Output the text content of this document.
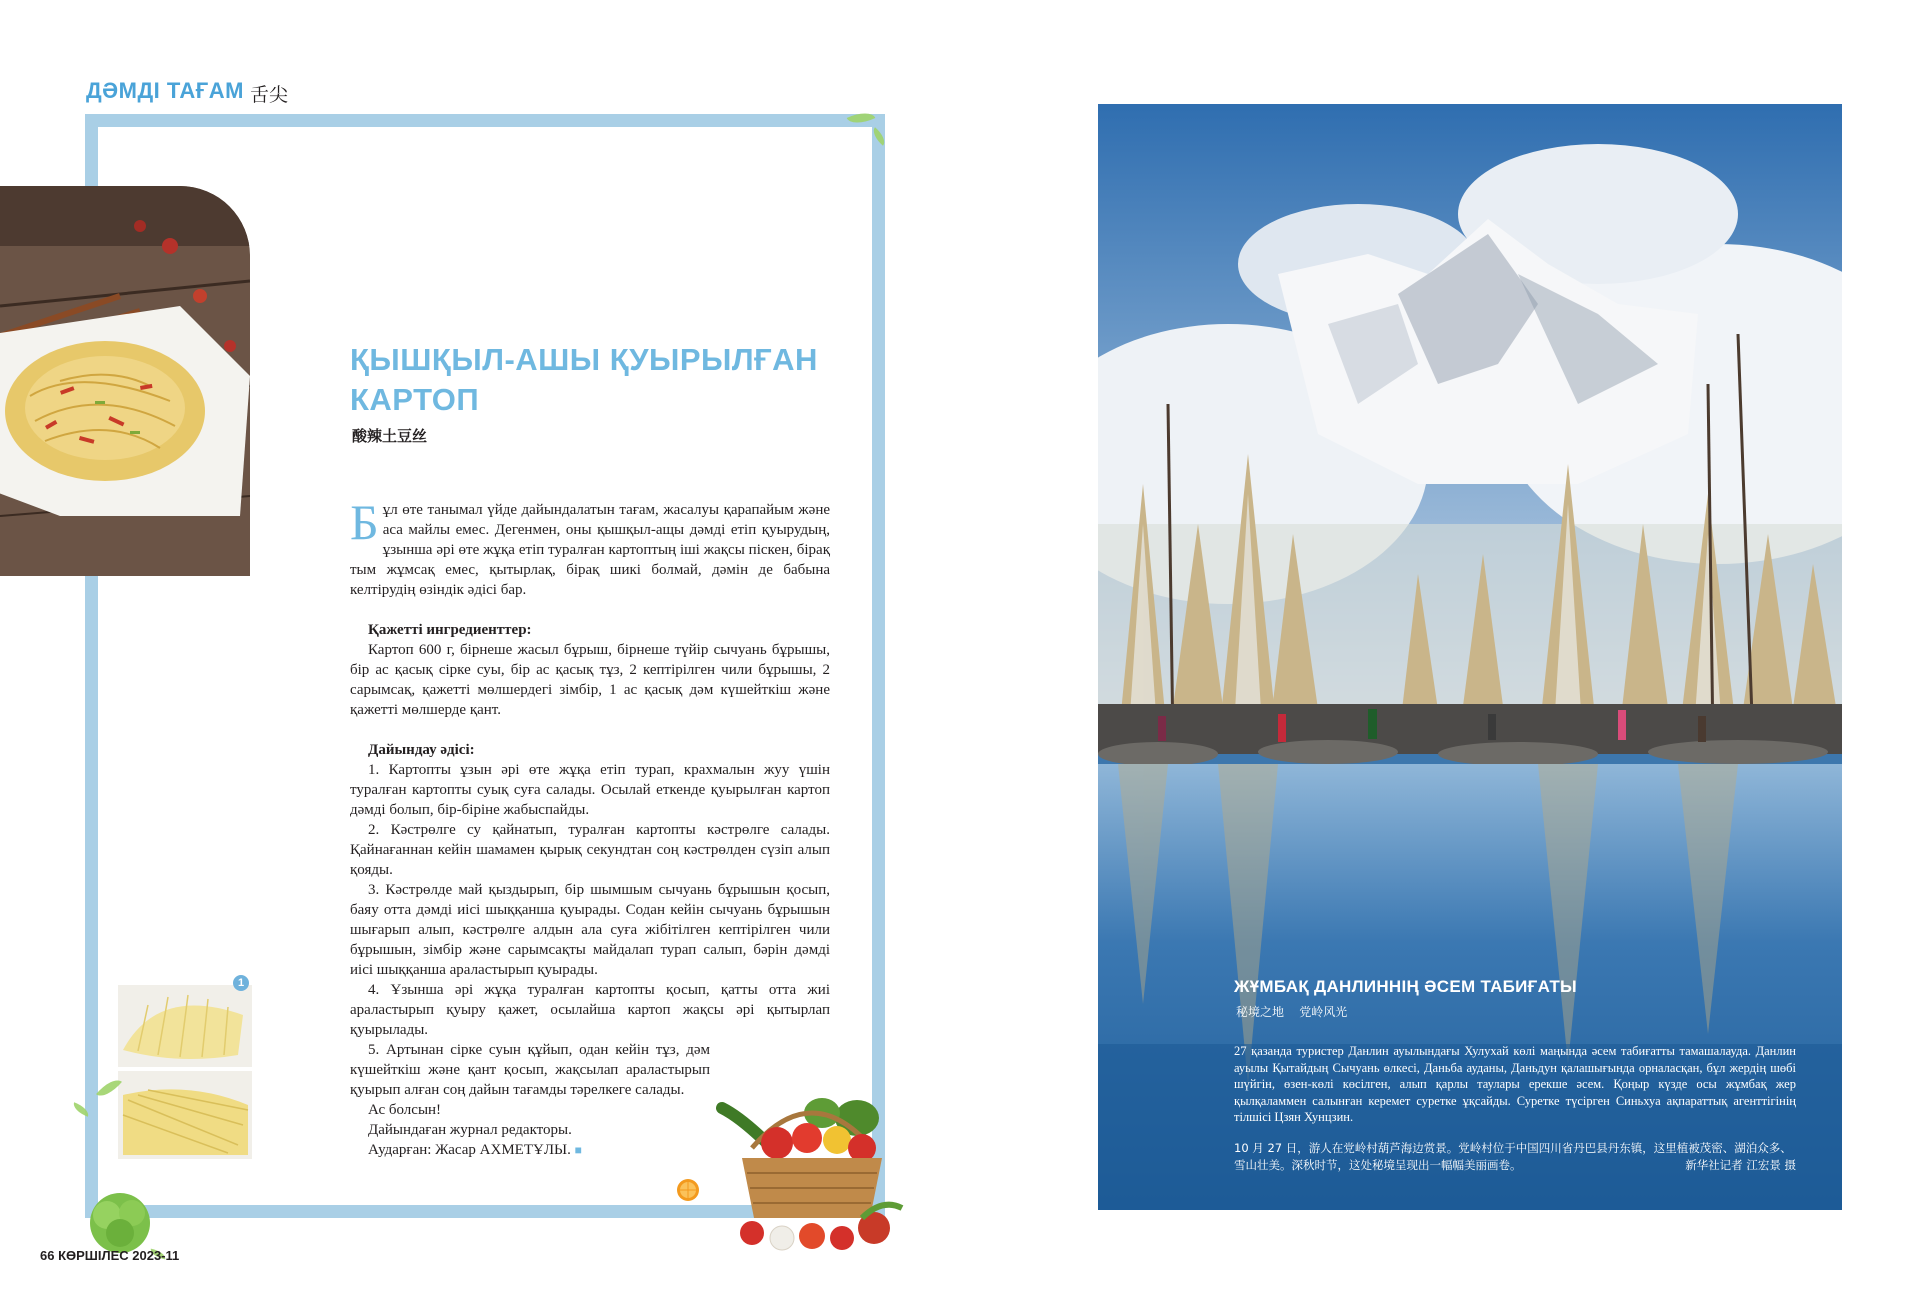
ДӘМДІ ТАҒАМ 舌尖
1
ҚЫШҚЫЛ-АШЫ ҚУЫРЫЛҒАН КАРТОП
酸辣土豆丝

Бұл өте танымал үйде дайындалатын тағам, жасалуы қарапайым және аса майлы емес. Дегенмен, оны қышқыл-ащы дәмді етіп қуырудың, ұзынша әрі өте жұқа етіп туралған картоптың іші жақсы піскен, бірақ тым жұмсақ емес, қытырлақ, бірақ шикі болмай, дәмін де бабына келтірудің өзіндік әдісі бар.

Қажетті ингредиенттер:

Картоп 600 г, бірнеше жасыл бұрыш, бірнеше түйір сычуань бұрышы, бір ас қасық сірке суы, бір ас қасық тұз, 2 кептірілген чили бұрышы, 2 сарымсақ, қажетті мөлшердегі зімбір, 1 ас қасық дәм күшейткіш және қажетті мөлшерде қант.

Дайындау әдісі:

1. Картопты ұзын әрі өте жұқа етіп турап, крахмалын жуу үшін туралған картопты суық суға салады. Осылай еткенде қуырылған картоп дәмді болып, бір-біріне жабыспайды.

2. Кәстрөлге су қайнатып, туралған картопты кәстрөлге салады. Қайнағаннан кейін шамамен қырық секундтан соң кәстрөлден сүзіп алып қояды.

3. Кәстрөлде май қыздырып, бір шымшым сычуань бұрышын қосып, баяу отта дәмді иісі шыққанша қуырады. Содан кейін сычуань бұрышын шығарып алып, кәстрөлге алдын ала суға жібітілген кептірілген чили бұрышын, зімбір және сарымсақты майдалап турап салып, бәрін дәмді иісі шыққанша араластырып қуырады.

4. Ұзынша әрі жұқа туралған картопты қосып, қатты отта жиі араластырып қуыру қажет, осылайша картоп жақсы әрі қытырлап қуырылады.

5. Артынан сірке суын құйып, одан кейін тұз, дәм күшейткіш және қант қосып, жақсылап араластырып қуырып алған соң дайын тағамды тәрелкеге салады.

Ас болсын!

Дайындаған журнал редакторы.

Аударған: Жасар АХМЕТҰЛЫ. ■

66 КӨРШІЛЕС 2023-11
ЖҰМБАҚ ДАНЛИННІҢ ӘСЕМ ТАБИҒАТЫ
秘境之地    党岭风光

27 қазанда туристер Данлин ауылындағы Хулухай көлі маңында әсем табиғатты тамашалауда. Данлин ауылы Қытайдың Сычуань өлкесі, Даньба ауданы, Даньдун қалашығында орналасқан, бұл жердің шөбі шүйгін, өзен-көлі көсілген, алып қарлы таулары ерекше әсем. Қоңыр күзде осы жұмбақ жер қылқаламмен салынған керемет суретке ұқсайды. Суретке түсірген Синьхуа ақпараттық агенттігінің тілшісі Цзян Хунцзин.

10 月 27 日，游人在党岭村葫芦海边赏景。党岭村位于中国四川省丹巴县丹东镇，这里植被茂密、湖泊众多、雪山壮美。深秋时节，这处秘境呈现出一幅幅美丽画卷。	新华社记者 江宏景 摄
